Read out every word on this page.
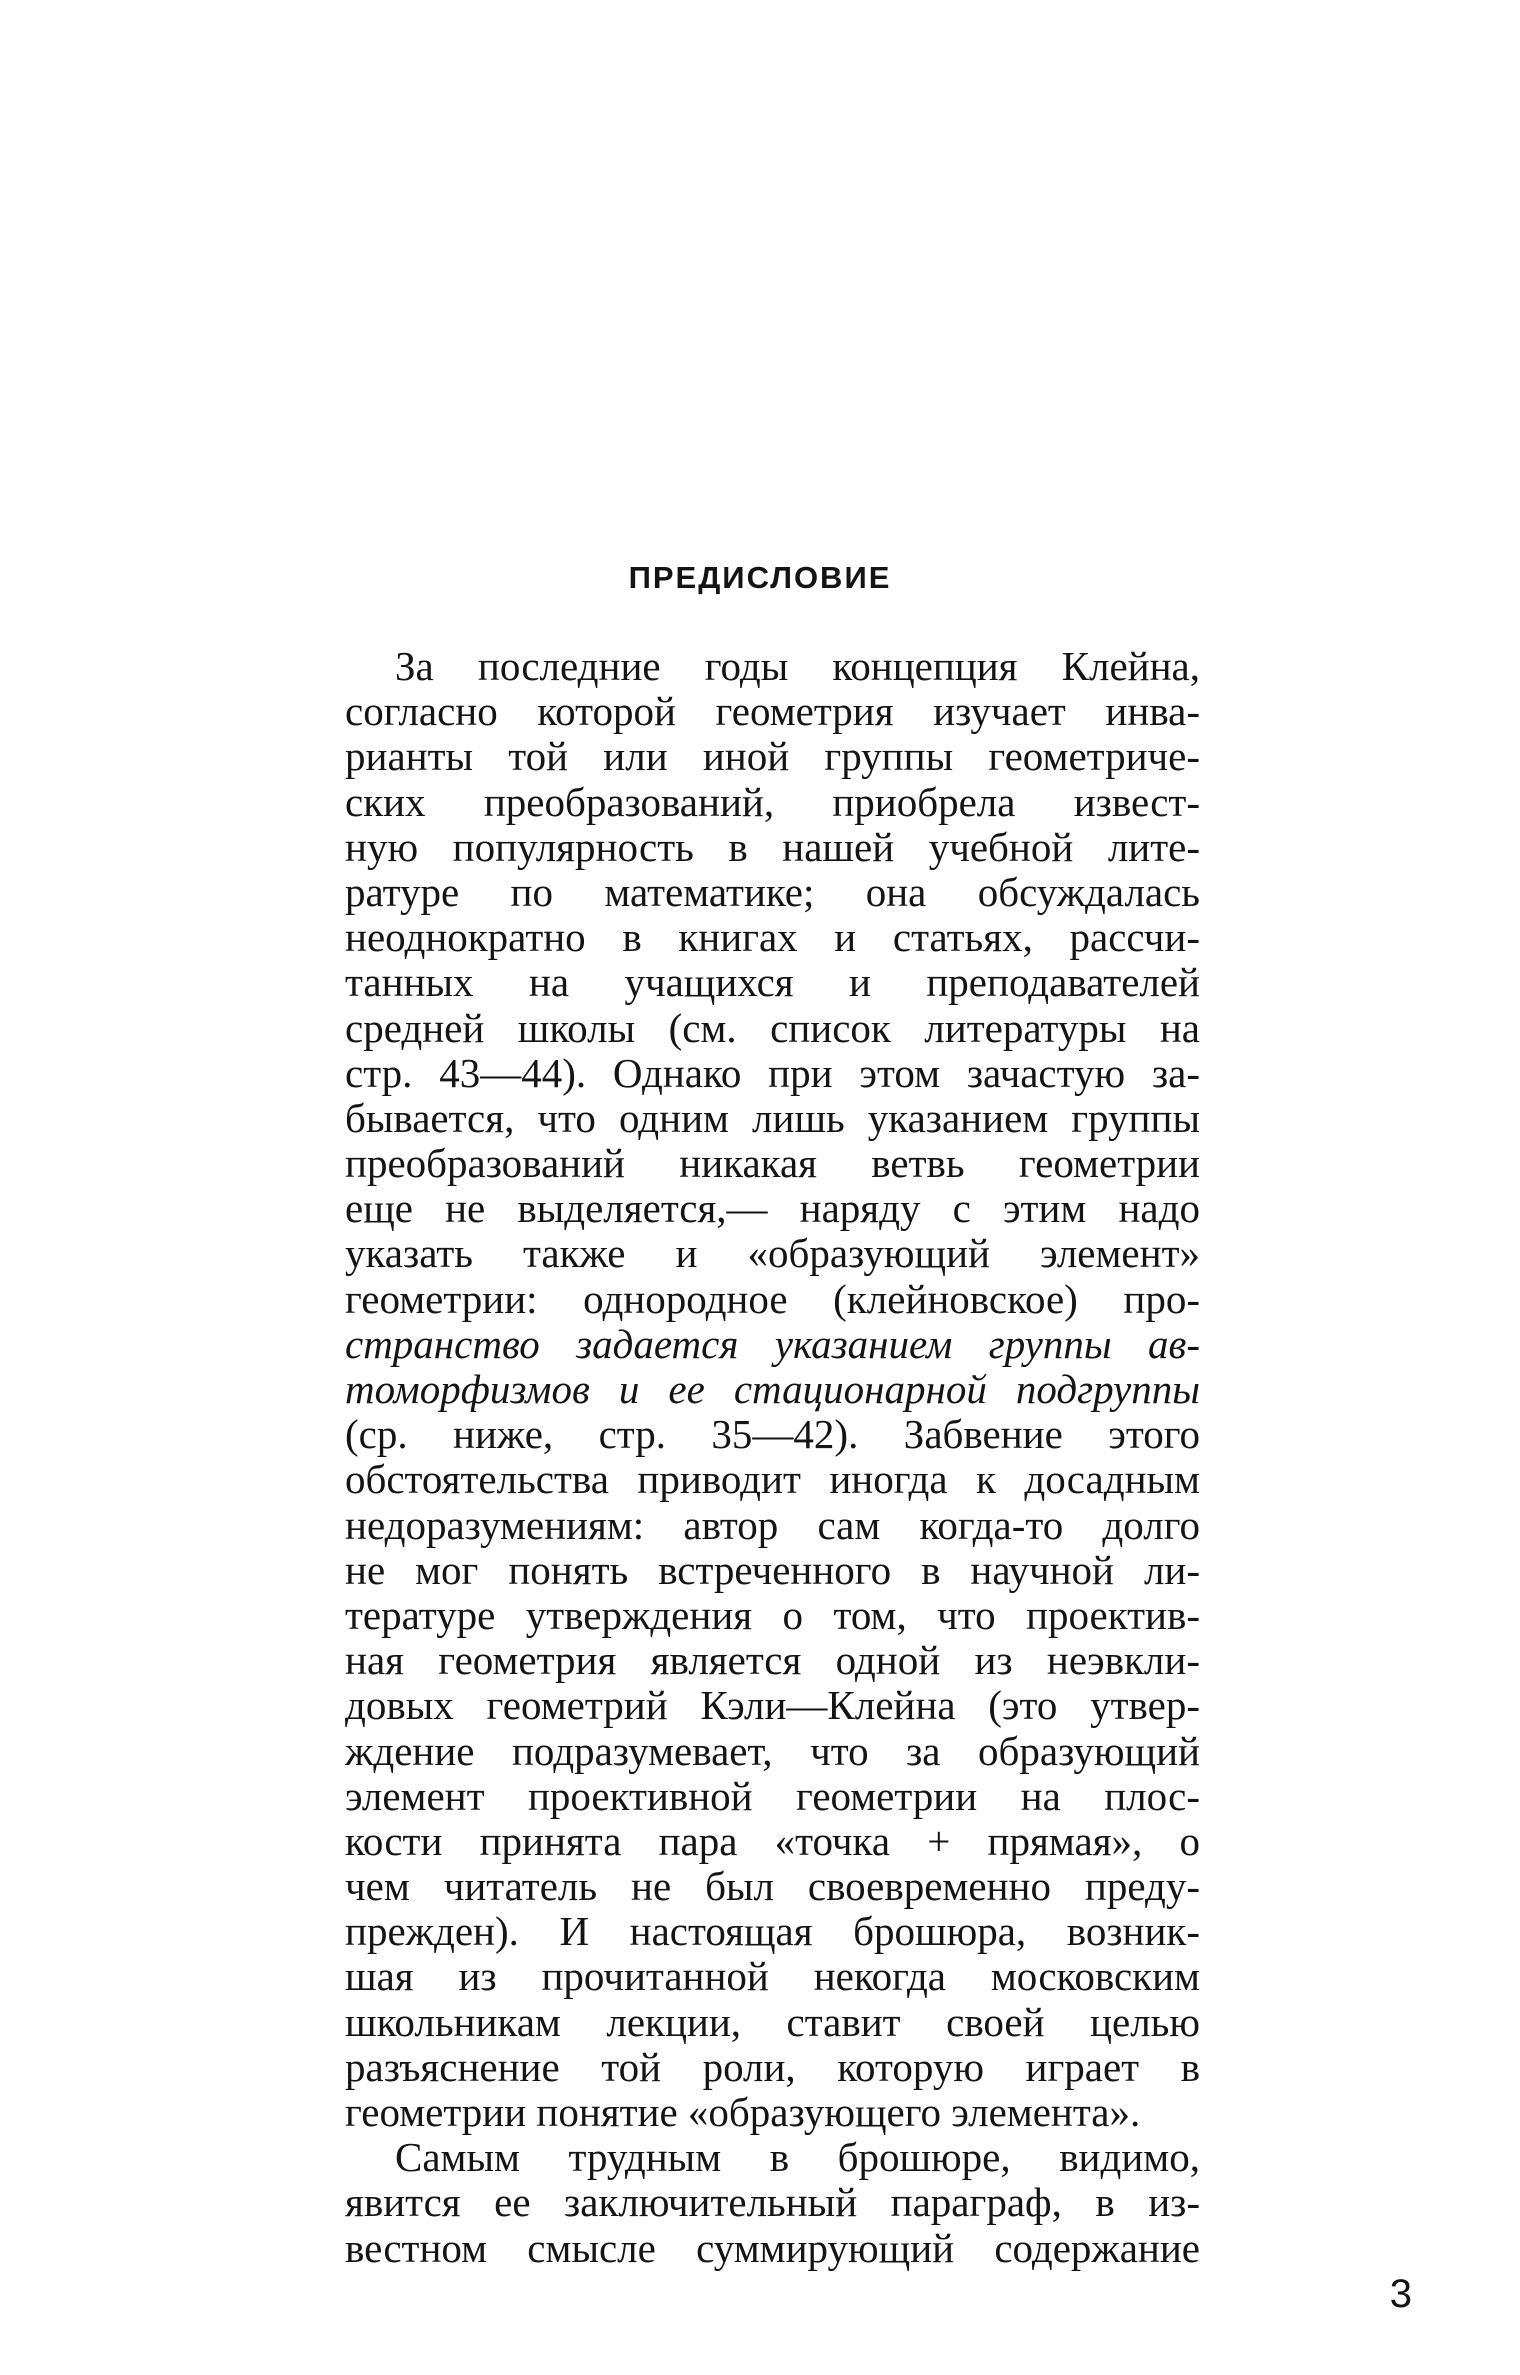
ПРЕДИСЛОВИЕ
За последние годы концепция Клейна,
согласно которой геометрия изучает инва-
рианты той или иной группы геометриче-
ских преобразований, приобрела извест-
ную популярность в нашей учебной лите-
ратуре по математике; она обсуждалась
неоднократно в книгах и статьях, рассчи-
танных на учащихся и преподавателей
средней школы (см. список литературы на
стр. 43—44). Однако при этом зачастую за-
бывается, что одним лишь указанием группы
преобразований никакая ветвь геометрии
еще не выделяется,— наряду с этим надо
указать также и «образующий элемент»
геометрии: однородное (клейновское) про-
странство задается указанием группы ав-
томорфизмов и ее стационарной подгруппы
(ср. ниже, стр. 35—42). Забвение этого
обстоятельства приводит иногда к досадным
недоразумениям: автор сам когда-то долго
не мог понять встреченного в научной ли-
тературе утверждения о том, что проектив-
ная геометрия является одной из неэвкли-
довых геометрий Кэли—Клейна (это утвер-
ждение подразумевает, что за образующий
элемент проективной геометрии на плос-
кости принята пара «точка + прямая», о
чем читатель не был своевременно преду-
прежден). И настоящая брошюра, возник-
шая из прочитанной некогда московским
школьникам лекции, ставит своей целью
разъяснение той роли, которую играет в
геометрии понятие «образующего элемента».
Самым трудным в брошюре, видимо,
явится ее заключительный параграф, в из-
вестном смысле суммирующий содержание
3
